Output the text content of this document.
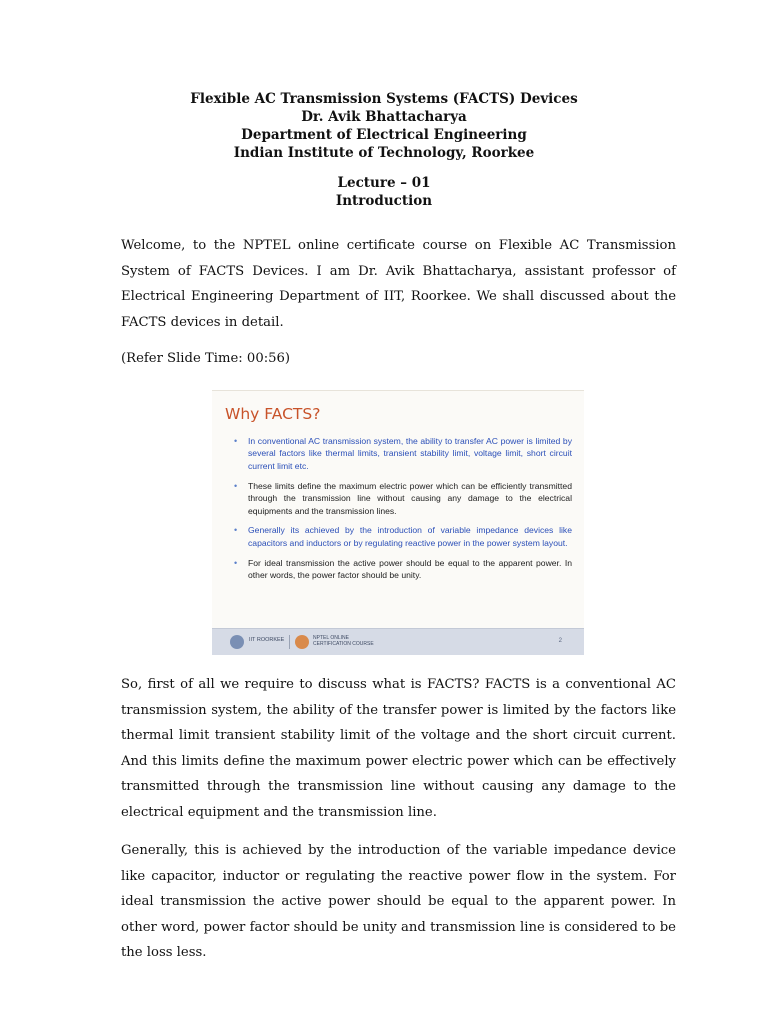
Flexible AC Transmission Systems (FACTS) Devices
Dr. Avik Bhattacharya
Department of Electrical Engineering
Indian Institute of Technology, Roorkee
Lecture – 01
Introduction
Welcome, to the NPTEL online certificate course on Flexible AC Transmission System of FACTS Devices. I am Dr. Avik Bhattacharya, assistant professor of Electrical Engineering Department of IIT, Roorkee. We shall discussed about the FACTS devices in detail.
(Refer Slide Time: 00:56)
Why FACTS?
• In conventional AC transmission system, the ability to transfer AC power is limited by several factors like thermal limits, transient stability limit, voltage limit, short circuit current limit etc.
• These limits define the maximum electric power which can be efficiently transmitted through the transmission line without causing any damage to the electrical equipments and the transmission lines.
• Generally its achieved by the introduction of variable impedance devices like capacitors and inductors or by regulating reactive power in the power system layout.
• For ideal transmission the active power should be equal to the apparent power. In other words, the power factor should be unity.
IIT ROORKEE	NPTEL ONLINE
CERTIFICATION COURSE	2
So, first of all we require to discuss what is FACTS? FACTS is a conventional AC transmission system, the ability of the transfer power is limited by the factors like thermal limit transient stability limit of the voltage and the short circuit current. And this limits define the maximum power electric power which can be effectively transmitted through the transmission line without causing any damage to the electrical equipment and the transmission line.
Generally, this is achieved by the introduction of the variable impedance device like capacitor, inductor or regulating the reactive power flow in the system. For ideal transmission the active power should be equal to the apparent power. In other word, power factor should be unity and transmission line is considered to be the loss less.
